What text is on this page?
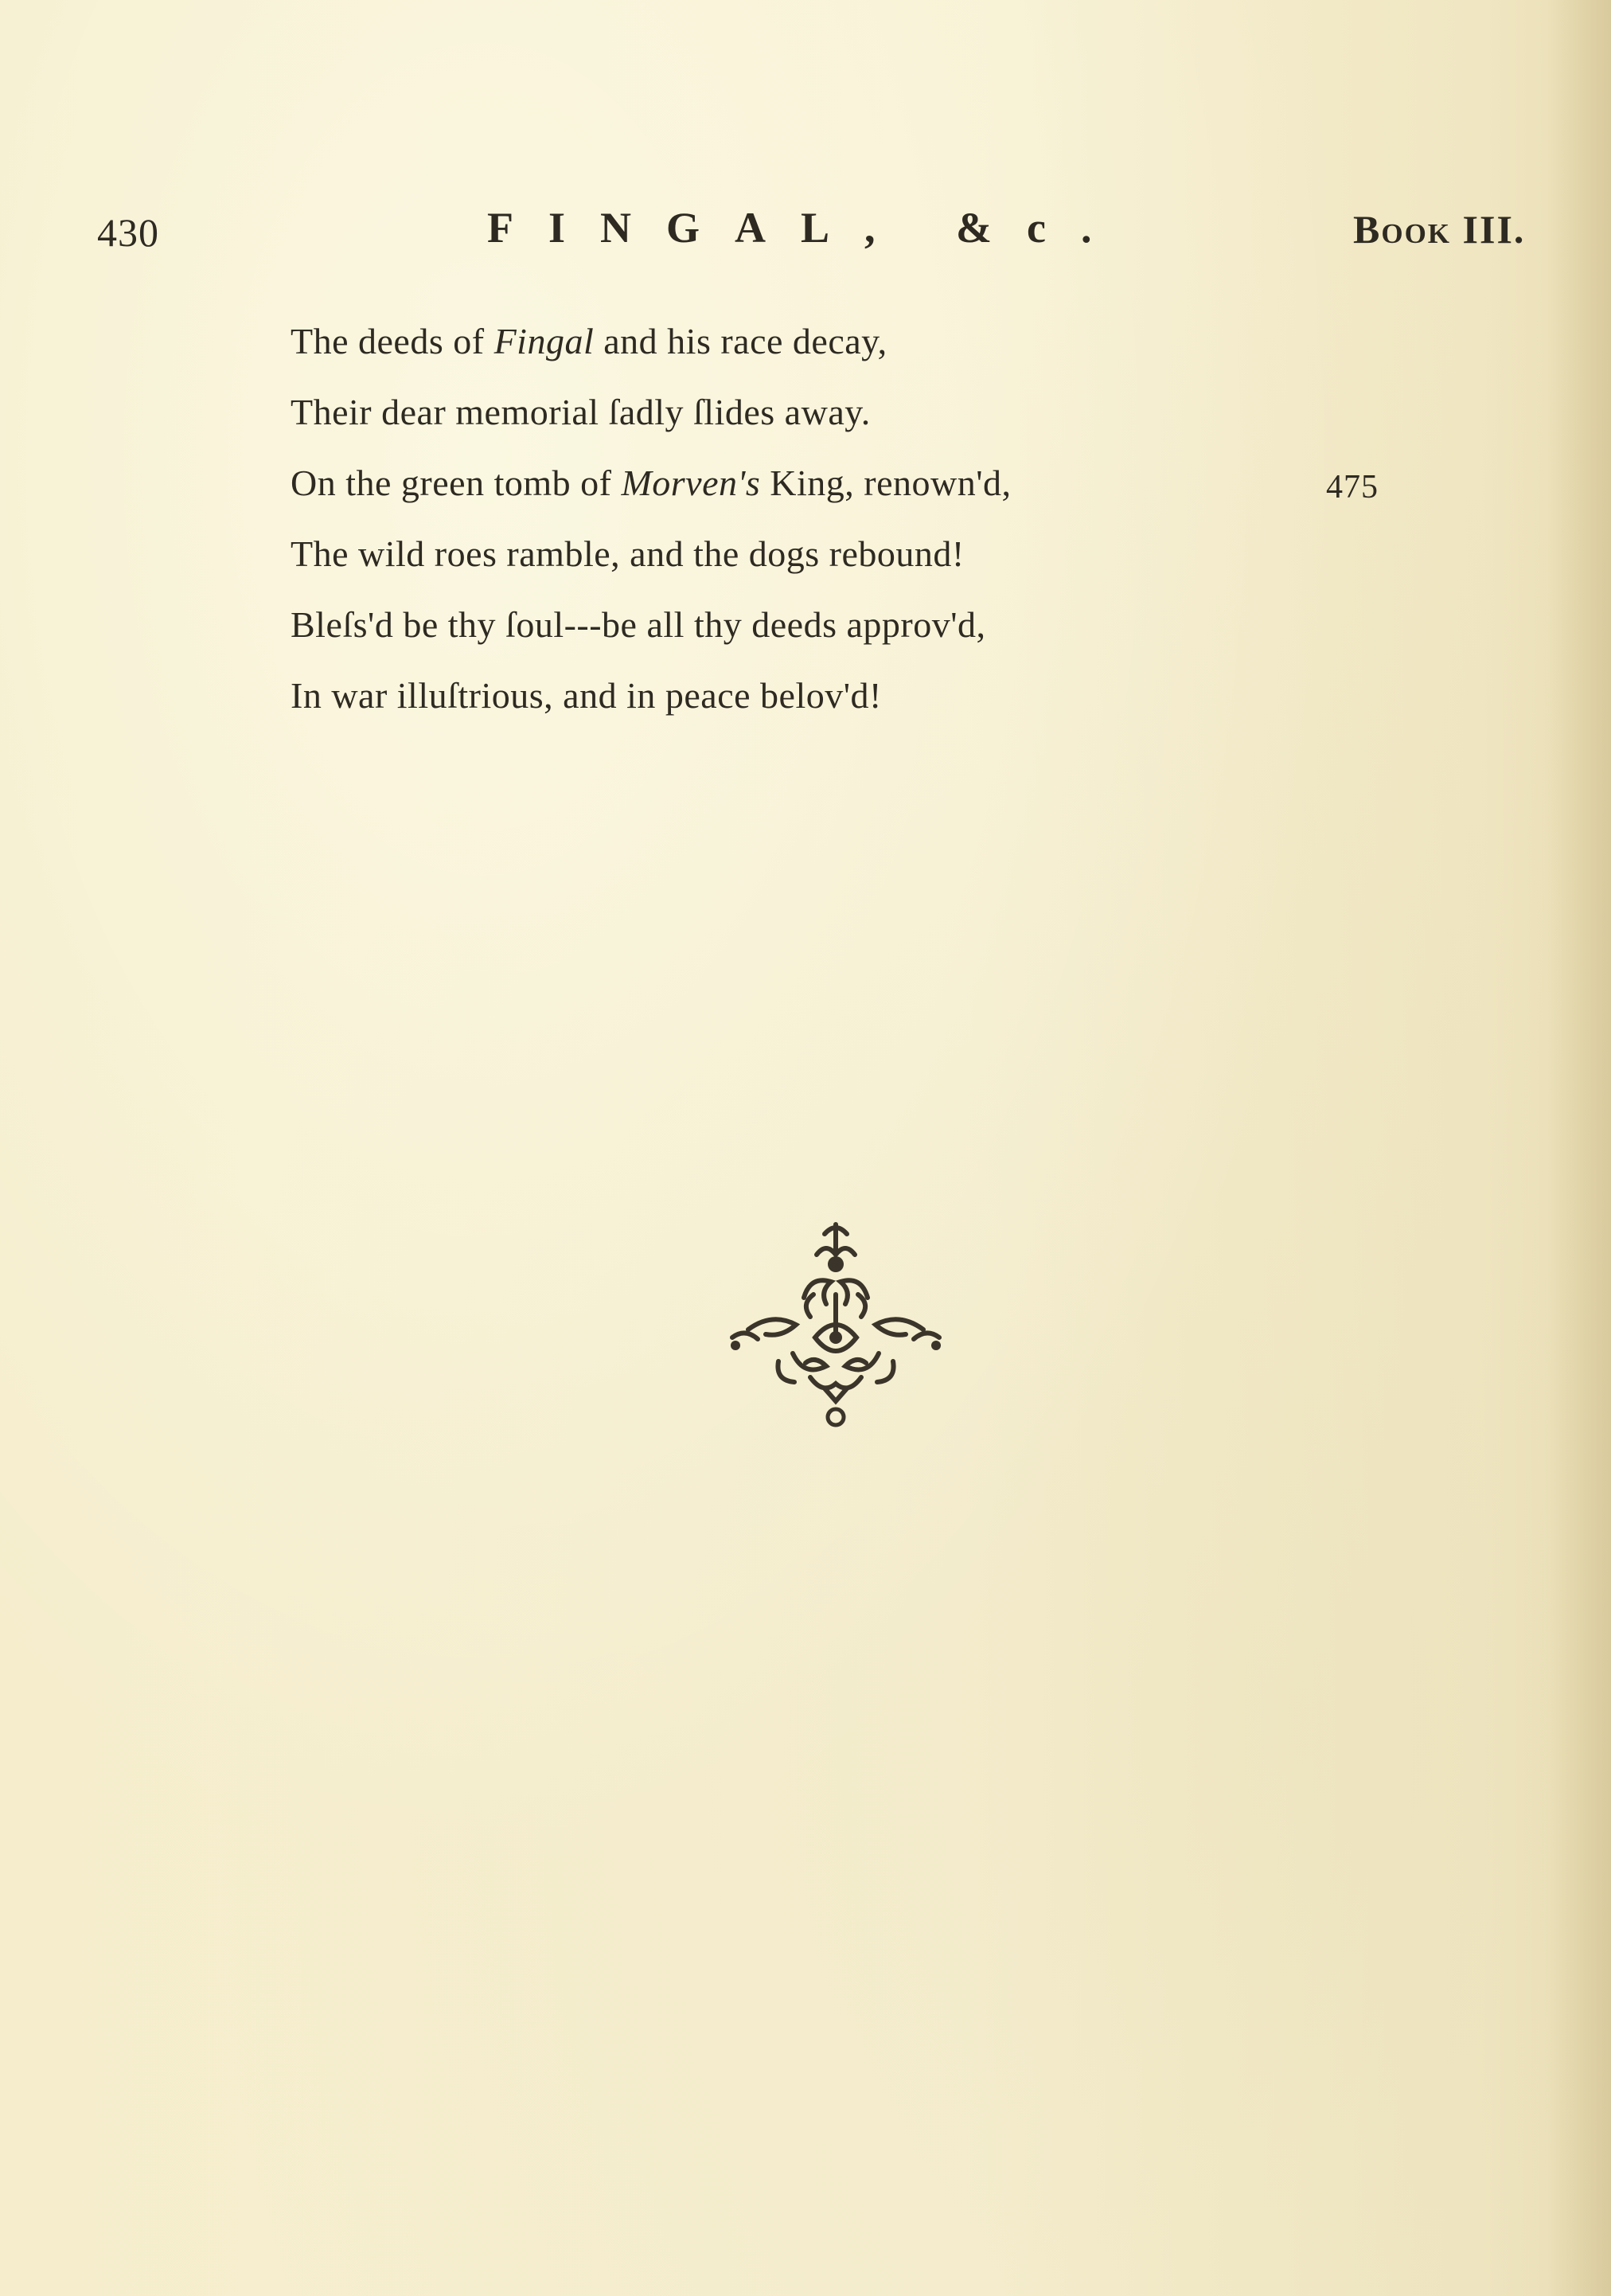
430	FINGAL, &c.	Book III.
The deeds of Fingal and his race decay,
Their dear memorial ſadly ſlides away.
On the green tomb of Morven's King, renown'd,
The wild roes ramble, and the dogs rebound!
Bleſs'd be thy ſoul---be all thy deeds approv'd,
In war illuſtrious, and in peace belov'd!
475
